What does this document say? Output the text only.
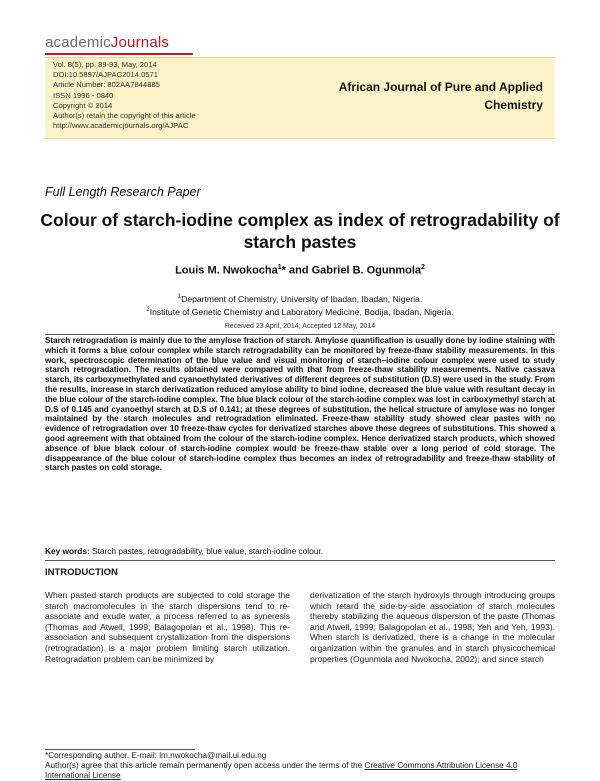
academicJournals
Vol. 8(5), pp. 89-93, May, 2014
DOI:10.5897/AJPAC2014.0571
Article Number: 802AA7844885
ISSN 1996 - 0840
Copyright © 2014
Author(s) retain the copyright of this article
http://www.academicjournals.org/AJPAC
African Journal of Pure and Applied Chemistry
Full Length Research Paper
Colour of starch-iodine complex as index of retrogradability of starch pastes
Louis M. Nwokocha$^1$* and Gabriel B. Ogunmola$^2$
$^1$Department of Chemistry, University of Ibadan, Ibadan, Nigeria.
$^2$Institute of Genetic Chemistry and Laboratory Medicine, Bodija, Ibadan, Nigeria.
Received 23 April, 2014; Accepted 12 May, 2014
Starch retrogradation is mainly due to the amylose fraction of starch. Amylose quantification is usually done by iodine staining with which it forms a blue colour complex while starch retrogradability can be monitored by freeze-thaw stability measurements. In this work, spectroscopic determination of the blue value and visual monitoring of starch–iodine colour complex were used to study starch retrogradation. The results obtained were compared with that from freeze-thaw stability measurements. Native cassava starch, its carboxymethylated and cyanoethylated derivatives of different degrees of substitution (D.S) were used in the study. From the results, increase in starch derivatization reduced amylose ability to bind iodine, decreased the blue value with resultant decay in the blue colour of the starch-iodine complex. The blue black colour of the starch-iodine complex was lost in carboxymethyl starch at D.S of 0.145 and cyanoethyl starch at D.S of 0.141; at these degrees of substitution, the helical structure of amylose was no longer maintained by the starch molecules and retrogradation eliminated. Freeze-thaw stability study showed clear pastes with no evidence of retrogradation over 10 freeze-thaw cycles for derivatized starches above these degrees of substitutions. This showed a good agreement with that obtained from the colour of the starch-iodine complex. Hence derivatized starch products, which showed absence of blue black colour of starch-iodine complex would be freeze-thaw stable over a long period of cold storage. The disappearance of the blue colour of starch-iodine complex thus becomes an index of retrogradability and freeze-thaw stability of starch pastes on cold storage.
Key words: Starch pastes, retrogradability, blue value, starch-iodine colour.
INTRODUCTION
When pasted starch products are subjected to cold storage the starch macromolecules in the starch dispersions tend to re-associate and exude water, a process referred to as syneresis (Thomas and Atwell, 1999; Balagopolan et al., 1998). This re-association and subsequent crystallization from the dispersions (retrogradation) is a major problem limiting starch utilization. Retrogradation problem can be minimized by
derivatization of the starch hydroxyls through introducing groups which retard the side-by-side association of starch molecules thereby stabilizing the aqueous dispersion of the paste (Thomas and Atwell, 1999; Balagopolan et al., 1998; Yeh and Yeh, 1993). When starch is derivatized, there is a change in the molecular organization within the granules and in starch physicochemical properties (Ogunmola and Nwokocha, 2002); and since starch
*Corresponding author. E-mail: lm.nwokocha@mail.ui.edu.ng
Author(s) agree that this article remain permanently open access under the terms of the Creative Commons Attribution License 4.0 International License
